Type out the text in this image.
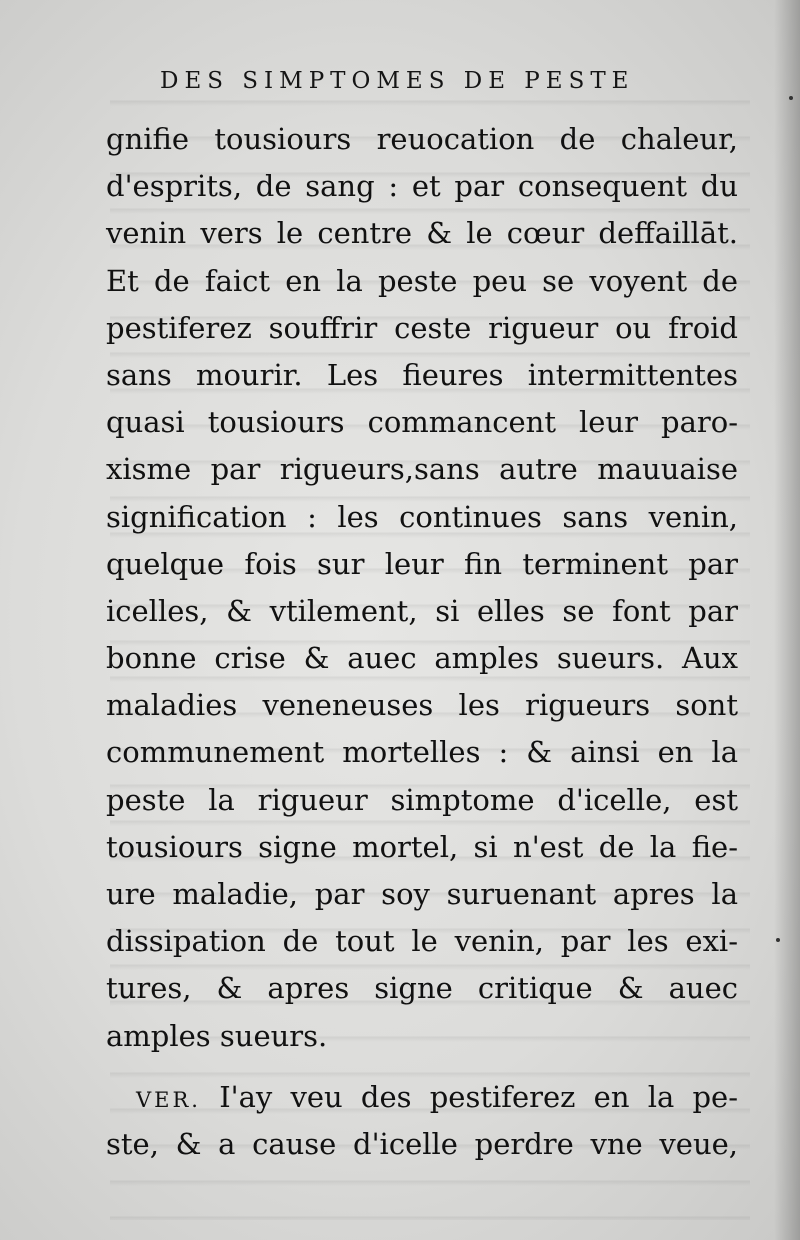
DES SIMPTOMES DE PESTE
gnifie tousiours reuocation de chaleur,
d'esprits, de sang : et par consequent du
venin vers le centre & le cœur deffaillāt.
Et de faict en la peste peu se voyent de
pestiferez souffrir ceste rigueur ou froid
sans mourir. Les fieures intermittentes
quasi tousiours commancent leur paro-
xisme par rigueurs,sans autre mauuaise
signification : les continues sans venin,
quelque fois sur leur fin terminent par
icelles, & vtilement, si elles se font par
bonne crise & auec amples sueurs. Aux
maladies veneneuses les rigueurs sont
communement mortelles : & ainsi en la
peste la rigueur simptome d'icelle, est
tousiours signe mortel, si n'est de la fie-
ure maladie, par soy suruenant apres la
dissipation de tout le venin, par les exi-
tures, & apres signe critique & auec
amples sueurs.
VER. I'ay veu des pestiferez en la pe-
ste, & a cause d'icelle perdre vne veue,
